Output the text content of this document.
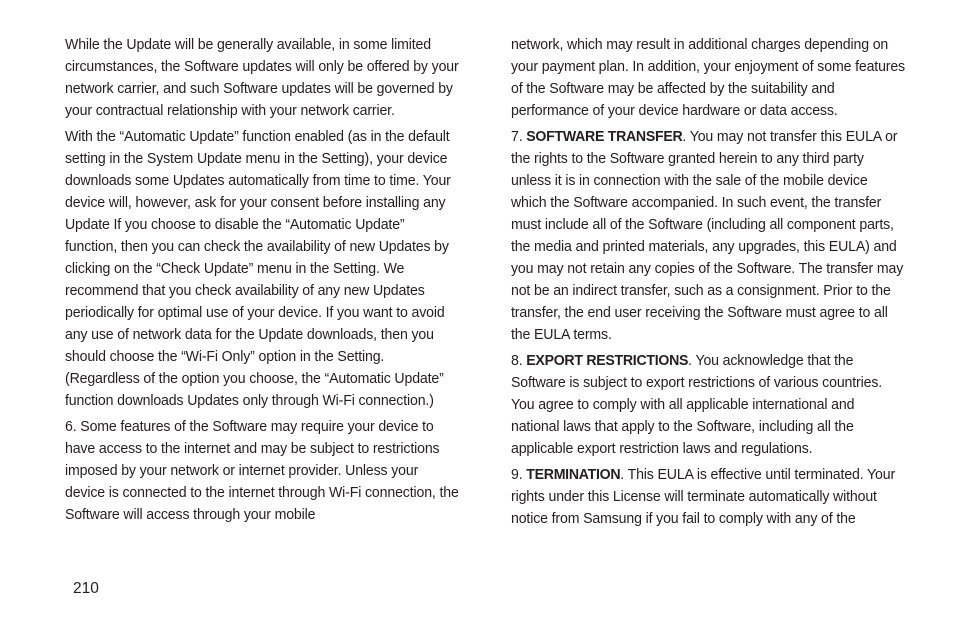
While the Update will be generally available, in some limited circumstances, the Software updates will only be offered by your network carrier, and such Software updates will be governed by your contractual relationship with your network carrier.

With the “Automatic Update” function enabled (as in the default setting in the System Update menu in the Setting), your device downloads some Updates automatically from time to time. Your device will, however, ask for your consent before installing any Update If you choose to disable the “Automatic Update” function, then you can check the availability of new Updates by clicking on the “Check Update” menu in the Setting. We recommend that you check availability of any new Updates periodically for optimal use of your device. If you want to avoid any use of network data for the Update downloads, then you should choose the “Wi-Fi Only” option in the Setting. (Regardless of the option you choose, the “Automatic Update” function downloads Updates only through Wi-Fi connection.)

6. Some features of the Software may require your device to have access to the internet and may be subject to restrictions imposed by your network or internet provider. Unless your device is connected to the internet through Wi-Fi connection, the Software will access through your mobile

network, which may result in additional charges depending on your payment plan. In addition, your enjoyment of some features of the Software may be affected by the suitability and performance of your device hardware or data access.

7. SOFTWARE TRANSFER. You may not transfer this EULA or the rights to the Software granted herein to any third party unless it is in connection with the sale of the mobile device which the Software accompanied. In such event, the transfer must include all of the Software (including all component parts, the media and printed materials, any upgrades, this EULA) and you may not retain any copies of the Software. The transfer may not be an indirect transfer, such as a consignment. Prior to the transfer, the end user receiving the Software must agree to all the EULA terms.

8. EXPORT RESTRICTIONS. You acknowledge that the Software is subject to export restrictions of various countries. You agree to comply with all applicable international and national laws that apply to the Software, including all the applicable export restriction laws and regulations.

9. TERMINATION. This EULA is effective until terminated. Your rights under this License will terminate automatically without notice from Samsung if you fail to comply with any of the

210
